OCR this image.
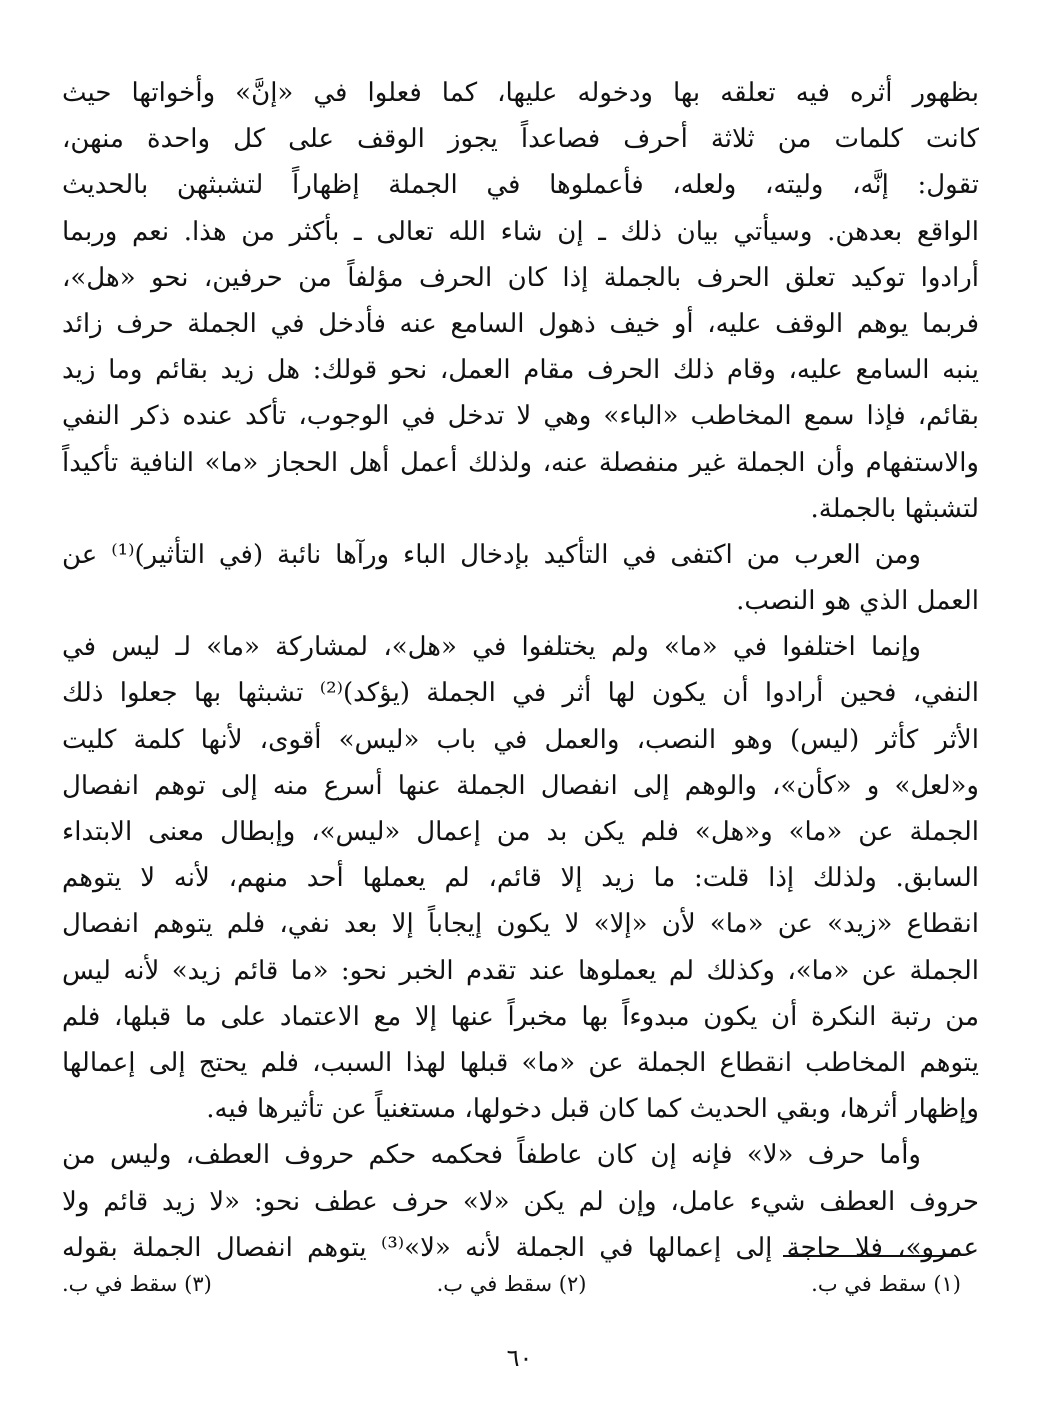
بظهور أثره فيه تعلقه بها ودخوله عليها، كما فعلوا في «إنَّ» وأخواتها حيث
كانت كلمات من ثلاثة أحرف فصاعداً يجوز الوقف على كل واحدة منهن،
تقول: إنَّه، وليته، ولعله، فأعملوها في الجملة إظهاراً لتشبثهن بالحديث
الواقع بعدهن. وسيأتي بيان ذلك ـ إن شاء الله تعالى ـ بأكثر من هذا. نعم وربما
أرادوا توكيد تعلق الحرف بالجملة إذا كان الحرف مؤلفاً من حرفين، نحو «هل»،
فربما يوهم الوقف عليه، أو خيف ذهول السامع عنه فأدخل في الجملة حرف زائد
ينبه السامع عليه، وقام ذلك الحرف مقام العمل، نحو قولك: هل زيد بقائم وما زيد
بقائم، فإذا سمع المخاطب «الباء» وهي لا تدخل في الوجوب، تأكد عنده ذكر النفي
والاستفهام وأن الجملة غير منفصلة عنه، ولذلك أعمل أهل الحجاز «ما» النافية تأكيداً
لتشبثها بالجملة.
ومن العرب من اكتفى في التأكيد بإدخال الباء ورآها نائبة (في التأثير)⁽¹⁾ عن
العمل الذي هو النصب.
وإنما اختلفوا في «ما» ولم يختلفوا في «هل»، لمشاركة «ما» لـ ليس في
النفي، فحين أرادوا أن يكون لها أثر في الجملة (يؤكد)⁽²⁾ تشبثها بها جعلوا ذلك
الأثر كأثر (ليس) وهو النصب، والعمل في باب «ليس» أقوى، لأنها كلمة كليت
و«لعل» و «كأن»، والوهم إلى انفصال الجملة عنها أسرع منه إلى توهم انفصال
الجملة عن «ما» و«هل» فلم يكن بد من إعمال «ليس»، وإبطال معنى الابتداء
السابق. ولذلك إذا قلت: ما زيد إلا قائم، لم يعملها أحد منهم، لأنه لا يتوهم
انقطاع «زيد» عن «ما» لأن «إلا» لا يكون إيجاباً إلا بعد نفي، فلم يتوهم انفصال
الجملة عن «ما»، وكذلك لم يعملوها عند تقدم الخبر نحو: «ما قائم زيد» لأنه ليس
من رتبة النكرة أن يكون مبدوءاً بها مخبراً عنها إلا مع الاعتماد على ما قبلها، فلم
يتوهم المخاطب انقطاع الجملة عن «ما» قبلها لهذا السبب، فلم يحتج إلى إعمالها
وإظهار أثرها، وبقي الحديث كما كان قبل دخولها، مستغنياً عن تأثيرها فيه.
وأما حرف «لا» فإنه إن كان عاطفاً فحكمه حكم حروف العطف، وليس من
حروف العطف شيء عامل، وإن لم يكن «لا» حرف عطف نحو: «لا زيد قائم ولا
عمرو»، فلا حاجة إلى إعمالها في الجملة لأنه «لا»⁽³⁾ يتوهم انفصال الجملة بقوله
(١) سقط في ب.
(٢) سقط في ب.
(٣) سقط في ب.
٦٠
